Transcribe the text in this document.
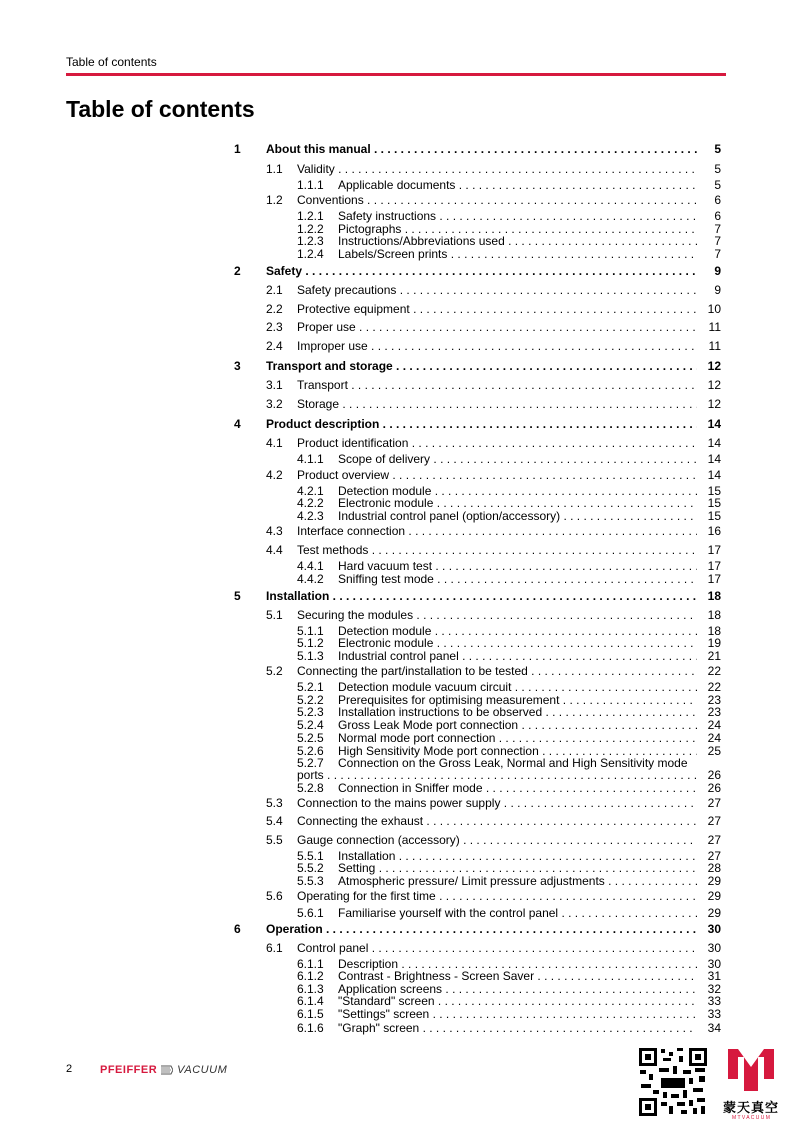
Table of contents
Table of contents
1 About this manual . . .	5
1.1 Validity . . .	5
1.1.1 Applicable documents . . .	5
1.2 Conventions . . .	6
1.2.1 Safety instructions . . .	6
1.2.2 Pictographs . . .	7
1.2.3 Instructions/Abbreviations used . . .	7
1.2.4 Labels/Screen prints . . .	7
2 Safety . . .	9
2.1 Safety precautions . . .	9
2.2 Protective equipment . . .	10
2.3 Proper use . . .	11
2.4 Improper use . . .	11
3 Transport and storage . . .	12
3.1 Transport . . .	12
3.2 Storage . . .	12
4 Product description . . .	14
4.1 Product identification . . .	14
4.1.1 Scope of delivery . . .	14
4.2 Product overview . . .	14
4.2.1 Detection module . . .	15
4.2.2 Electronic module . . .	15
4.2.3 Industrial control panel (option/accessory) . . .	15
4.3 Interface connection . . .	16
4.4 Test methods . . .	17
4.4.1 Hard vacuum test . . .	17
4.4.2 Sniffing test mode . . .	17
5 Installation . . .	18
5.1 Securing the modules . . .	18
5.1.1 Detection module . . .	18
5.1.2 Electronic module . . .	19
5.1.3 Industrial control panel . . .	21
5.2 Connecting the part/installation to be tested . . .	22
5.2.1 Detection module vacuum circuit . . .	22
5.2.2 Prerequisites for optimising measurement . . .	23
5.2.3 Installation instructions to be observed . . .	23
5.2.4 Gross Leak Mode port connection . . .	24
5.2.5 Normal mode port connection . . .	24
5.2.6 High Sensitivity Mode port connection . . .	25
5.2.7 Connection on the Gross Leak, Normal and High Sensitivity mode
ports . . .	26
5.2.8 Connection in Sniffer mode . . .	26
5.3 Connection to the mains power supply . . .	27
5.4 Connecting the exhaust . . .	27
5.5 Gauge connection (accessory) . . .	27
5.5.1 Installation . . .	27
5.5.2 Setting . . .	28
5.5.3 Atmospheric pressure/ Limit pressure adjustments . . .	29
5.6 Operating for the first time . . .	29
5.6.1 Familiarise yourself with the control panel . . .	29
6 Operation . . .	30
6.1 Control panel . . .	30
6.1.1 Description . . .	30
6.1.2 Contrast - Brightness - Screen Saver . . .	31
6.1.3 Application screens . . .	32
6.1.4 "Standard" screen . . .	33
6.1.5 "Settings" screen . . .	33
6.1.6 "Graph" screen . . .	34
2	PFEIFFER VACUUM
蒙天真空
M T V A C U U M
